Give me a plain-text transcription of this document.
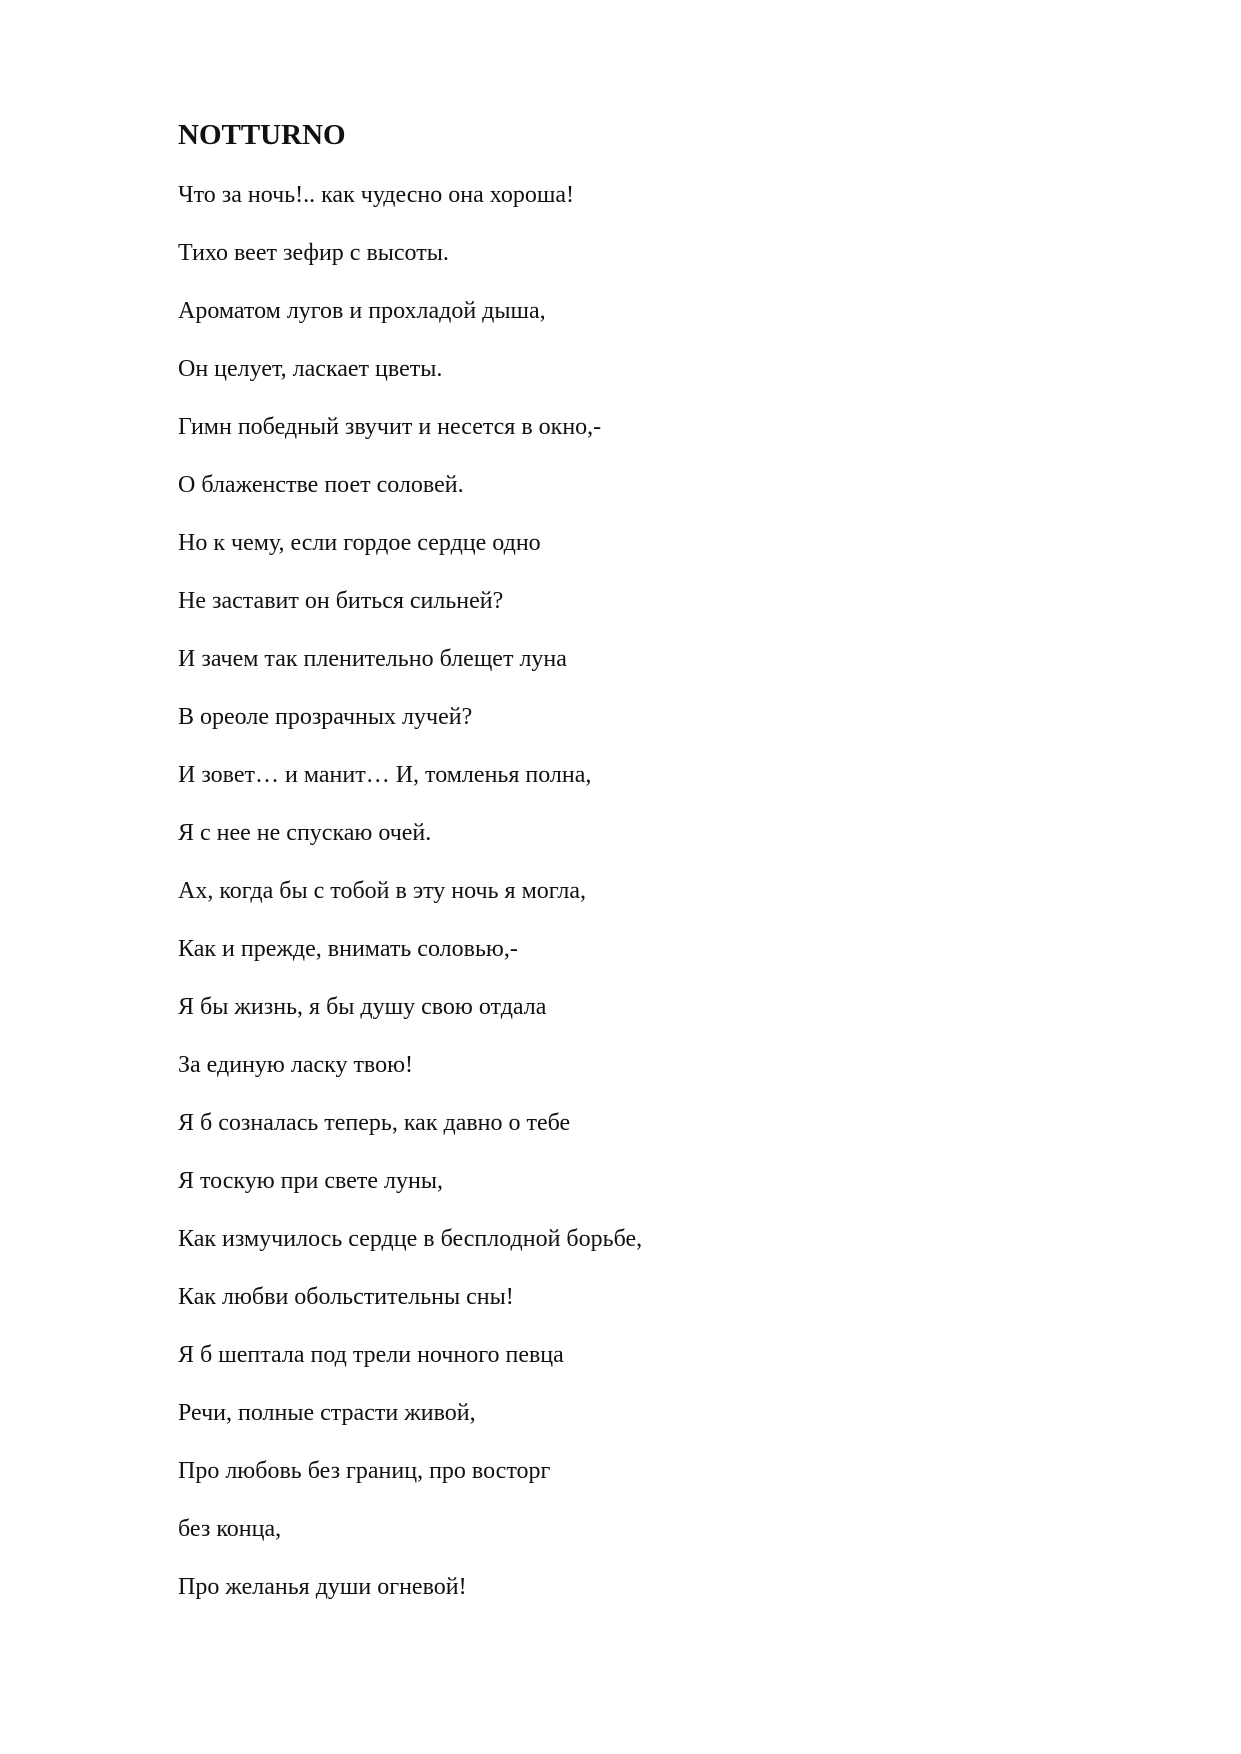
NOTTURNO
Что за ночь!.. как чудесно она хороша!
Тихо веет зефир с высоты.
Ароматом лугов и прохладой дыша,
Он целует, ласкает цветы.
Гимн победный звучит и несется в окно,-
О блаженстве поет соловей.
Но к чему, если гордое сердце одно
Не заставит он биться сильней?
И зачем так пленительно блещет луна
В ореоле прозрачных лучей?
И зовет… и манит… И, томленья полна,
Я с нее не спускаю очей.
Ах, когда бы с тобой в эту ночь я могла,
Как и прежде, внимать соловью,-
Я бы жизнь, я бы душу свою отдала
За единую ласку твою!
Я б созналась теперь, как давно о тебе
Я тоскую при свете луны,
Как измучилось сердце в бесплодной борьбе,
Как любви обольстительны сны!
Я б шептала под трели ночного певца
Речи, полные страсти живой,
Про любовь без границ, про восторг
без конца,
Про желанья души огневой!
